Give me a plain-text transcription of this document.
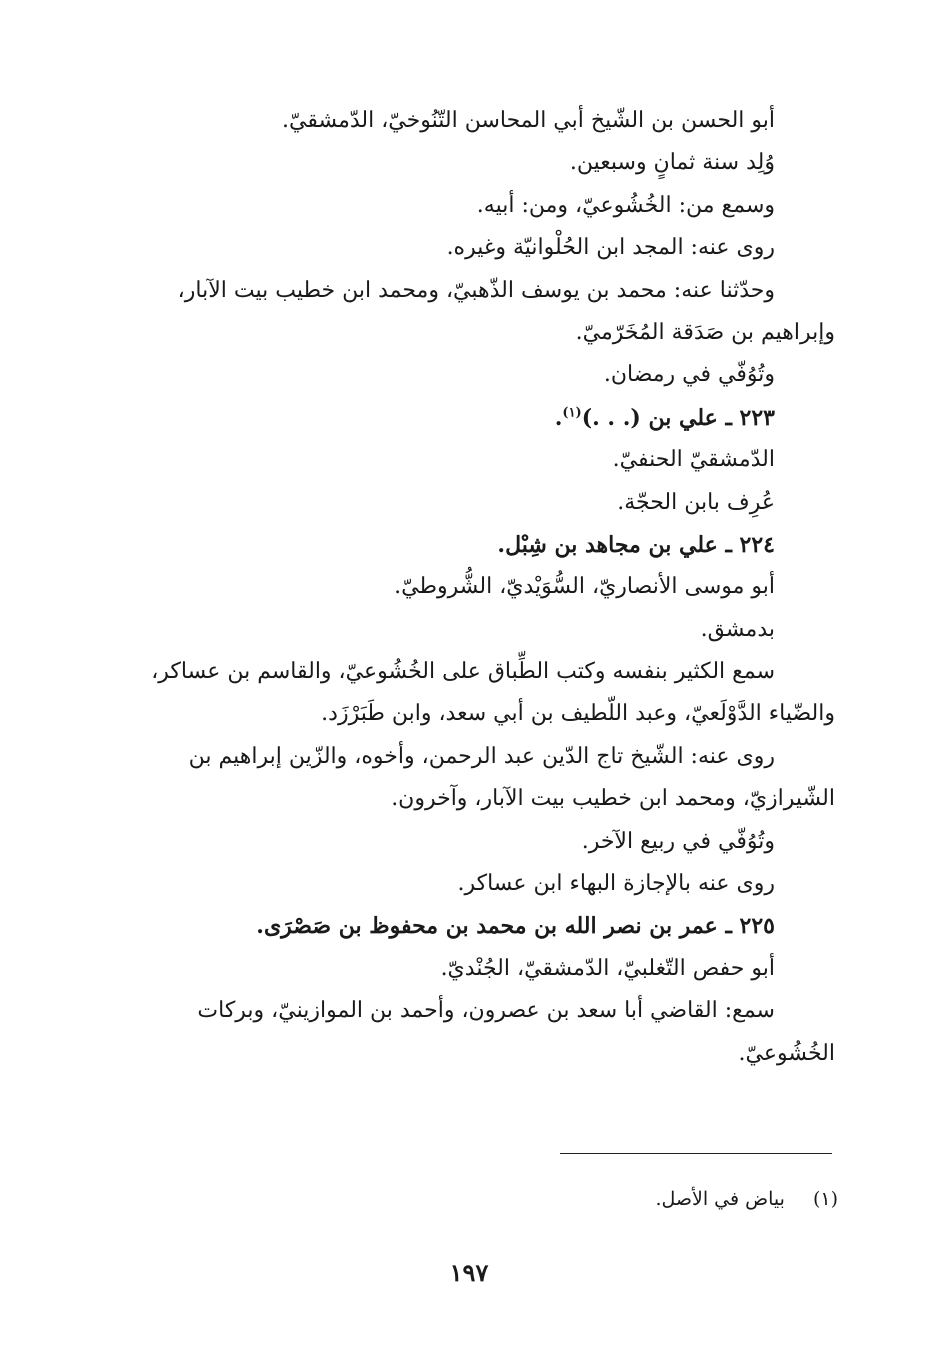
أبو الحسن بن الشّيخ أبي المحاسن التّنُوخيّ، الدّمشقيّ.
وُلِد سنة ثمانٍ وسبعين.
وسمع من: الخُشُوعيّ، ومن: أبيه.
روى عنه: المجد ابن الحُلْوانيّة وغيره.
وحدّثنا عنه: محمد بن يوسف الذّهبيّ، ومحمد ابن خطيب بيت الآبار،
وإبراهيم بن صَدَقة المُخَرّميّ.
وتُوُفّي في رمضان.
٢٢٣ ـ علي بن (. . .)$^{(١)}$.
الدّمشقيّ الحنفيّ.
عُرِف بابن الحجّة.
٢٢٤ ـ علي بن مجاهد بن شِبْل.
أبو موسى الأنصاريّ، السُّوَيْديّ، الشُّروطيّ.
بدمشق.
سمع الكثير بنفسه وكتب الطِّباق على الخُشُوعيّ، والقاسم بن عساكر،
والضّياء الدَّوْلَعيّ، وعبد اللّطيف بن أبي سعد، وابن طَبَرْزَد.
روى عنه: الشّيخ تاج الدّين عبد الرحمن، وأخوه، والزّين إبراهيم بن
الشّيرازيّ، ومحمد ابن خطيب بيت الآبار، وآخرون.
وتُوُفّي في ربيع الآخر.
روى عنه بالإجازة البهاء ابن عساكر.
٢٢٥ ـ عمر بن نصر الله بن محمد بن محفوظ بن صَصْرَى.
أبو حفص التّغلبيّ، الدّمشقيّ، الجُنْديّ.
سمع: القاضي أبا سعد بن عصرون، وأحمد بن الموازينيّ، وبركات
الخُشُوعيّ.
(١)بياض في الأصل.
١٩٧
